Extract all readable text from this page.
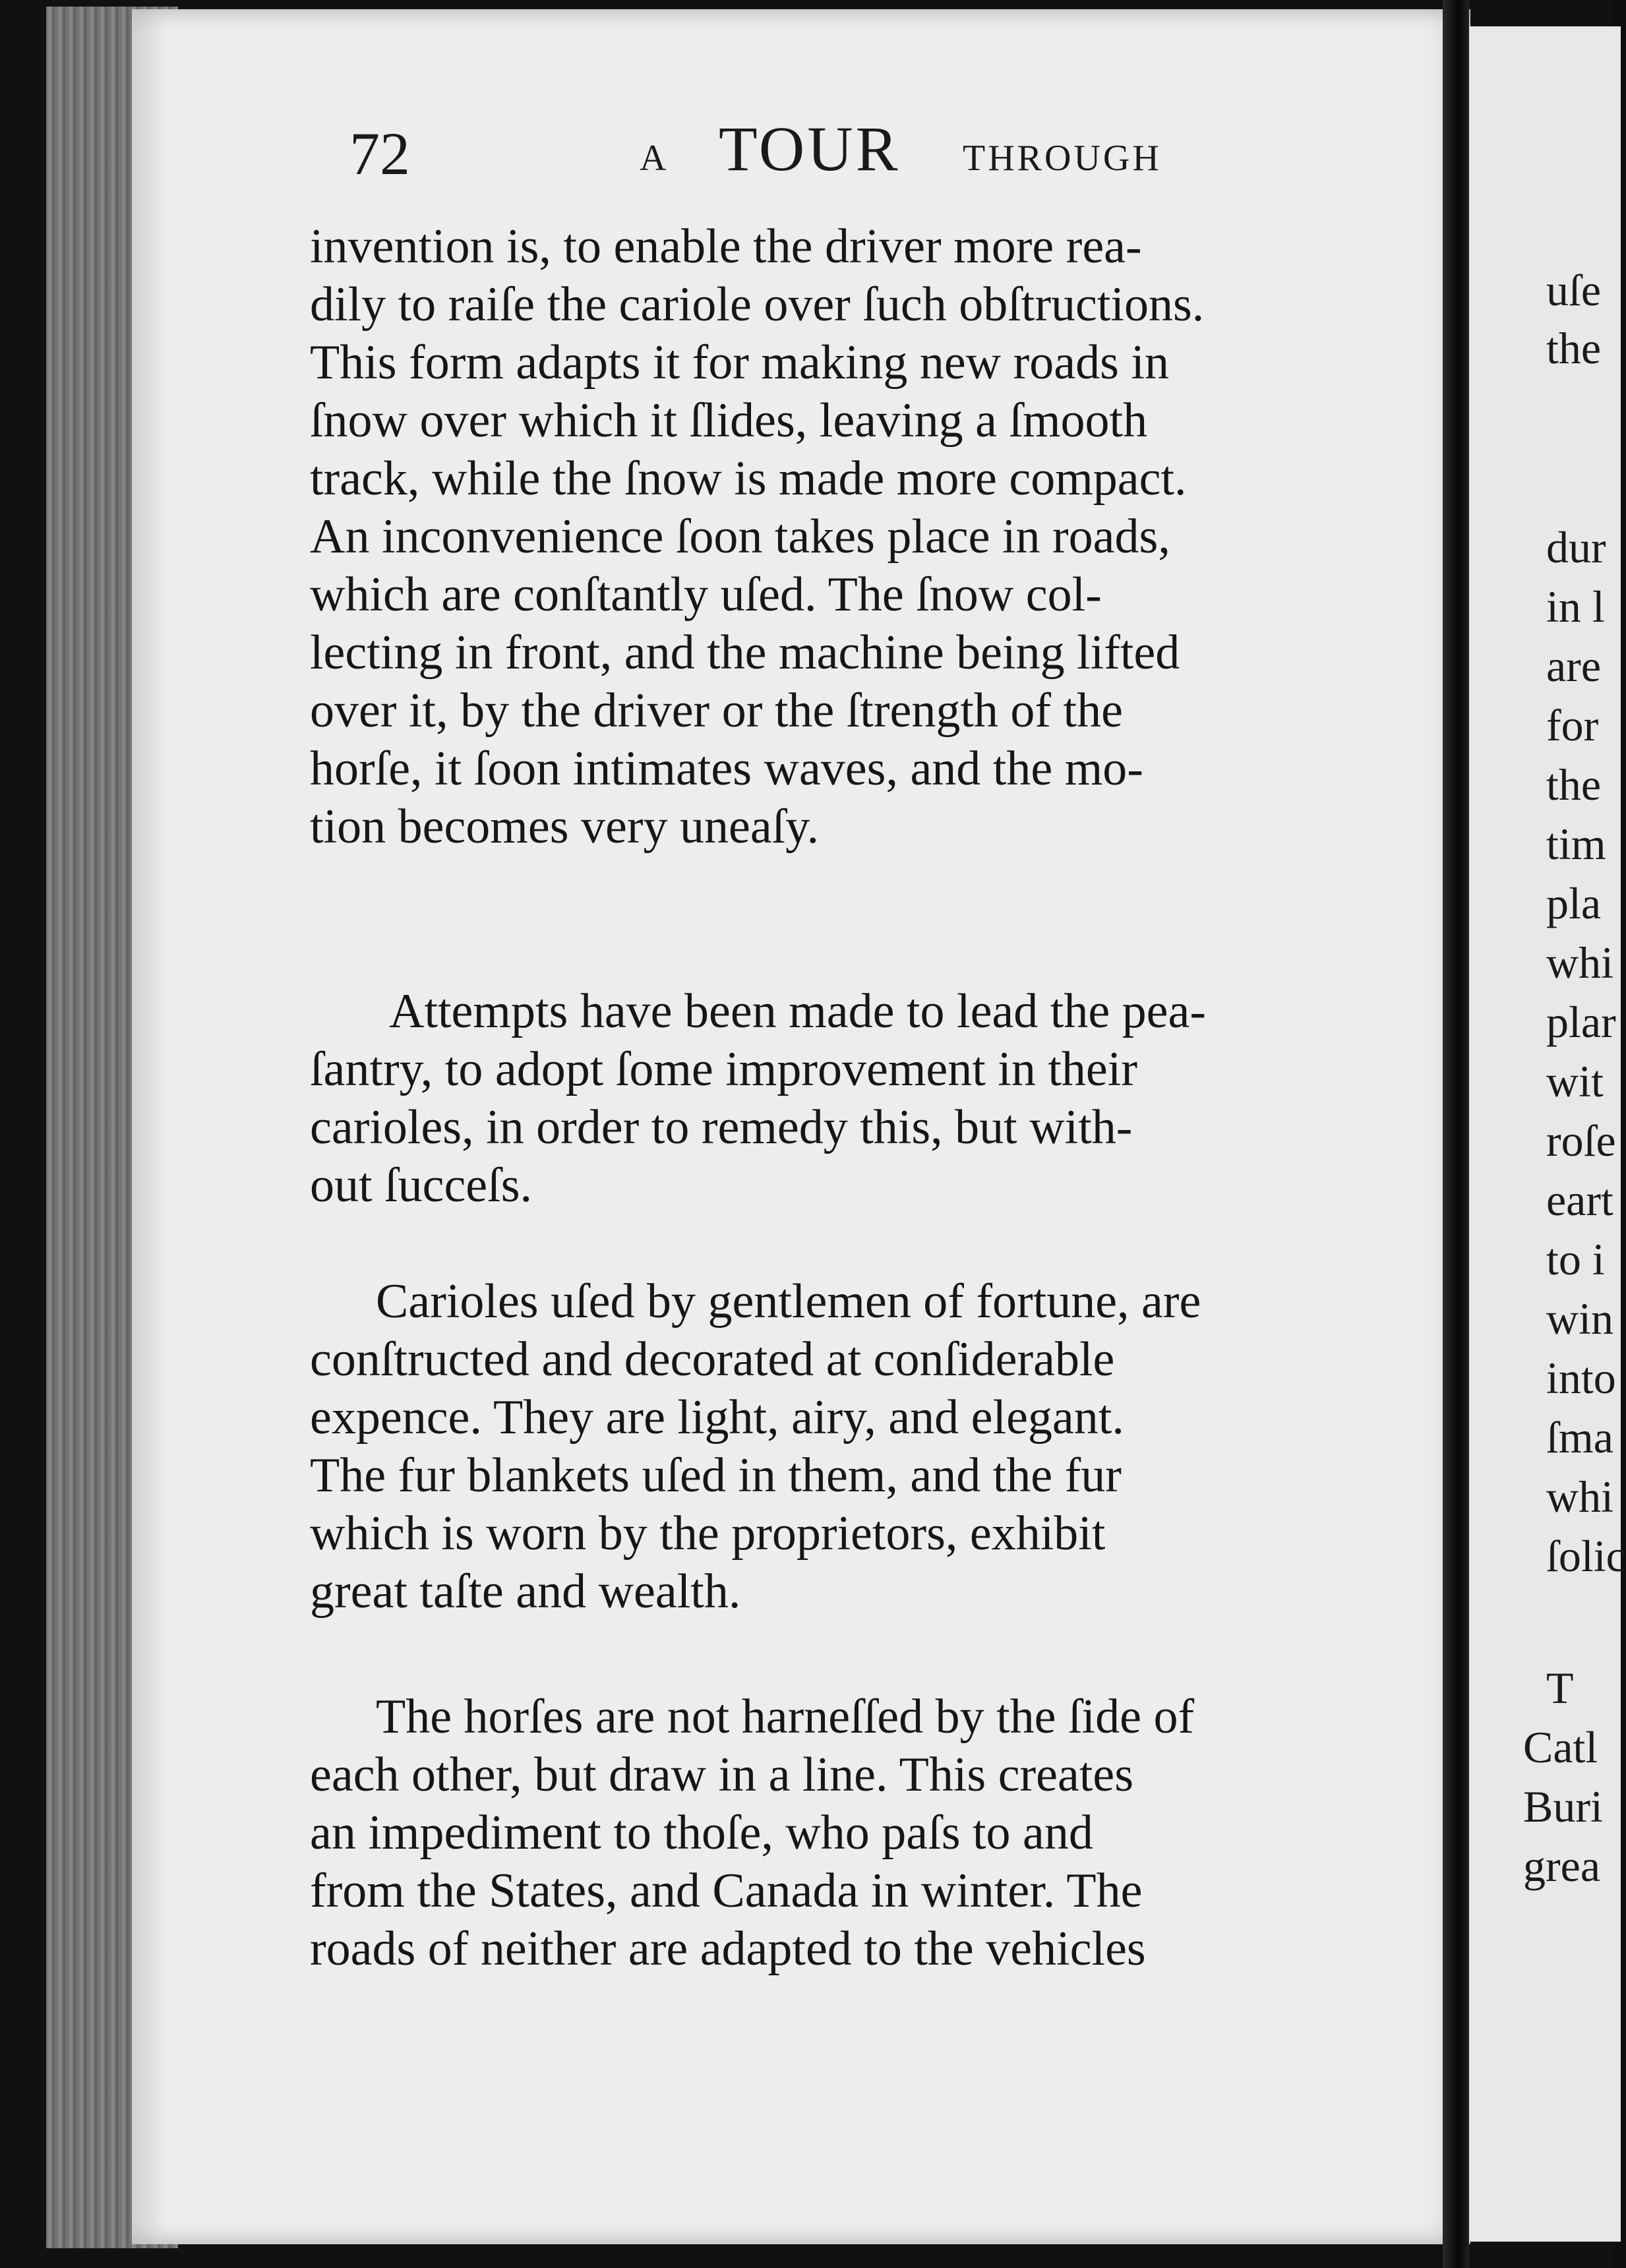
72	A TOUR THROUGH
invention is, to enable the driver more rea-
dily to raiſe the cariole over ſuch obſtructions.
This form adapts it for making new roads in
ſnow over which it ſlides, leaving a ſmooth
track, while the ſnow is made more compact.
An inconvenience ſoon takes place in roads,
which are conſtantly uſed. The ſnow col-
lecting in front, and the machine being lifted
over it, by the driver or the ſtrength of the
horſe, it ſoon intimates waves, and the mo-
tion becomes very uneaſy.
Attempts have been made to lead the pea-
ſantry, to adopt ſome improvement in their
carioles, in order to remedy this, but with-
out ſucceſs.
Carioles uſed by gentlemen of fortune, are
conſtructed and decorated at conſiderable
expence. They are light, airy, and elegant.
The fur blankets uſed in them, and the fur
which is worn by the proprietors, exhibit
great taſte and wealth.
The horſes are not harneſſed by the ſide of
each other, but draw in a line. This creates
an impediment to thoſe, who paſs to and
from the States, and Canada in winter. The
roads of neither are adapted to the vehicles
uſe
the
dur
in l
are
for
the
tim
pla
whi
plar
wit
roſe
eart
to i
win
into
ſma
whi
ſolic
T
Catl
Buri
grea
